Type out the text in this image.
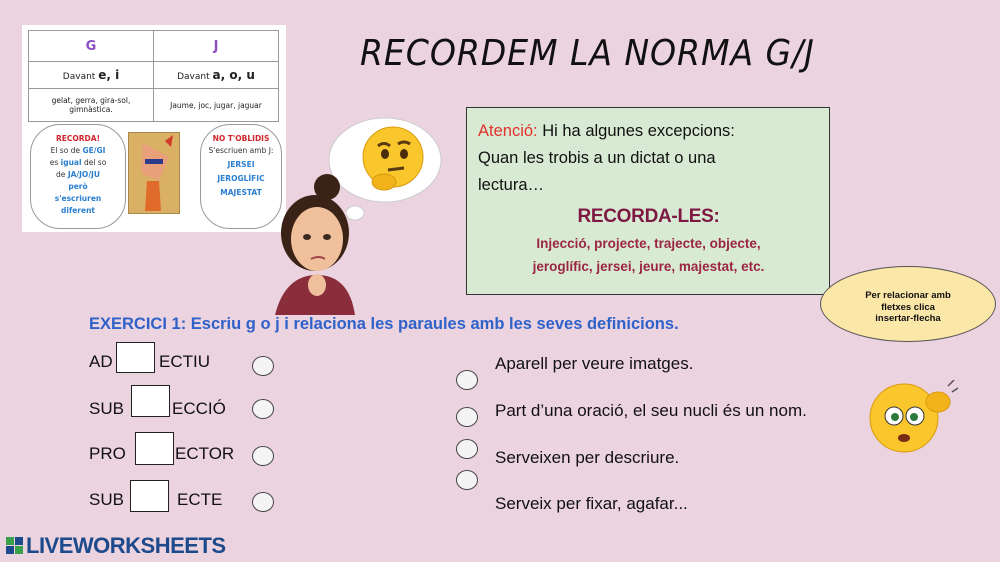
G	J
Davant e, i	Davant a, o, u
gelat, gerra, gira-sol, gimnàstica.	Jaume, joc, jugar, jaguar
RECORDA!
El so de GE/GI
es igual del so
de JA/JO/JU
però
s'escriuren
diferent
NO T'OBLIDIS
S'escriuen amb J:
JERSEI
JEROGLÍFIC
MAJESTAT
RECORDEM LA NORMA G/J
Atenció: Hi ha algunes excepcions:
Quan les trobis a un dictat o una
lectura…
RECORDA-LES:
Injecció, projecte, trajecte, objecte,
jeroglífic, jersei, jeure, majestat, etc.
Per relacionar amb
fletxes clica
insertar-flecha
EXERCICI 1: Escriu g o j i relaciona les paraules amb les seves definicions.
AD	ECTIU
SUB	ECCIÓ
PRO	ECTOR
SUB	ECTE
Aparell per veure imatges.
Part d’una oració, el seu nucli és un nom.
Serveixen per descriure.
Serveix per fixar, agafar...
LIVEWORKSHEETS
